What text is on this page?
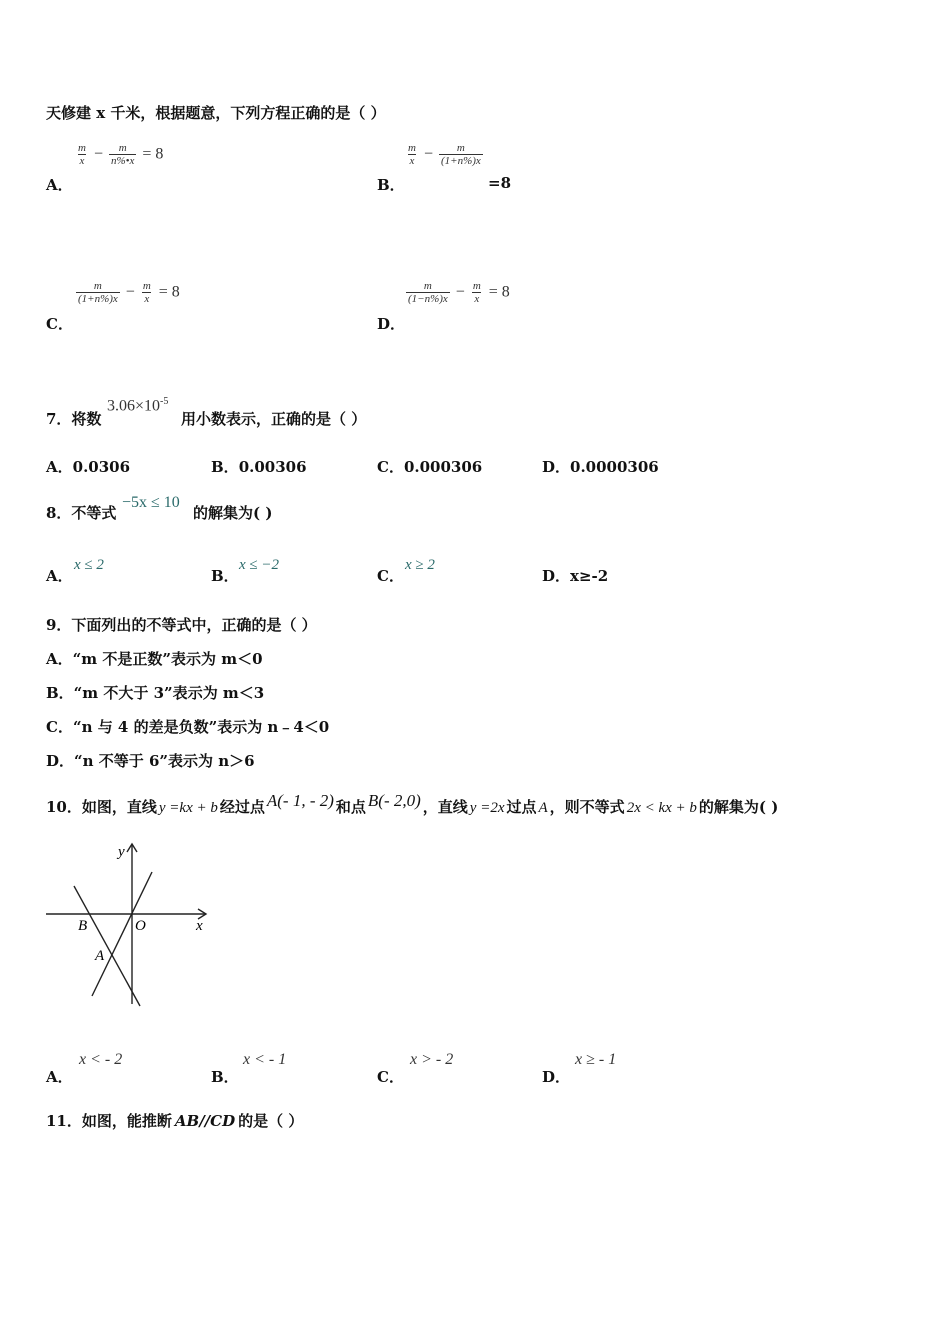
天修建 x 千米，根据题意，下列方程正确的是（ ）
$\frac{m}{x} - \frac{m}{n\%•x} = 8$
A．
$\frac{m}{x} - \frac{m}{(1+n\%)x}$
B．	=8
$\frac{m}{(1+n\%)x} - \frac{m}{x} = 8$
C．
$\frac{m}{(1-n\%)x} - \frac{m}{x} = 8$
D．
7．将数
$3.06\times 10^{-5}$
用小数表示，正确的是（ ）
A．0.0306	B．0.00306	C．0.000306	D．0.0000306
8．不等式
−5x ≤ 10
的解集为( )
A．
x ≤ 2
B．
x ≤ −2
C．
x ≥ 2
D．x≥-2
9．下面列出的不等式中，正确的是（ ）
A．“m 不是正数”表示为 m＜0
B．“m 不大于 3”表示为 m＜3
C．“n 与 4 的差是负数”表示为 n﹣4＜0
D．“n 不等于 6”表示为 n＞6
10．如图，直线 y =kx + b 经过点 A(- 1, - 2) 和点 B(- 2,0) ，直线 y =2x 过点 A ，则不等式 2x < kx + b 的解集为( )
y
x
O
B
A
A．
x < - 2
B．
x < - 1
C．
x > - 2
D．
x ≥ - 1
11．如图，能推断 AB//CD 的是（ ）
